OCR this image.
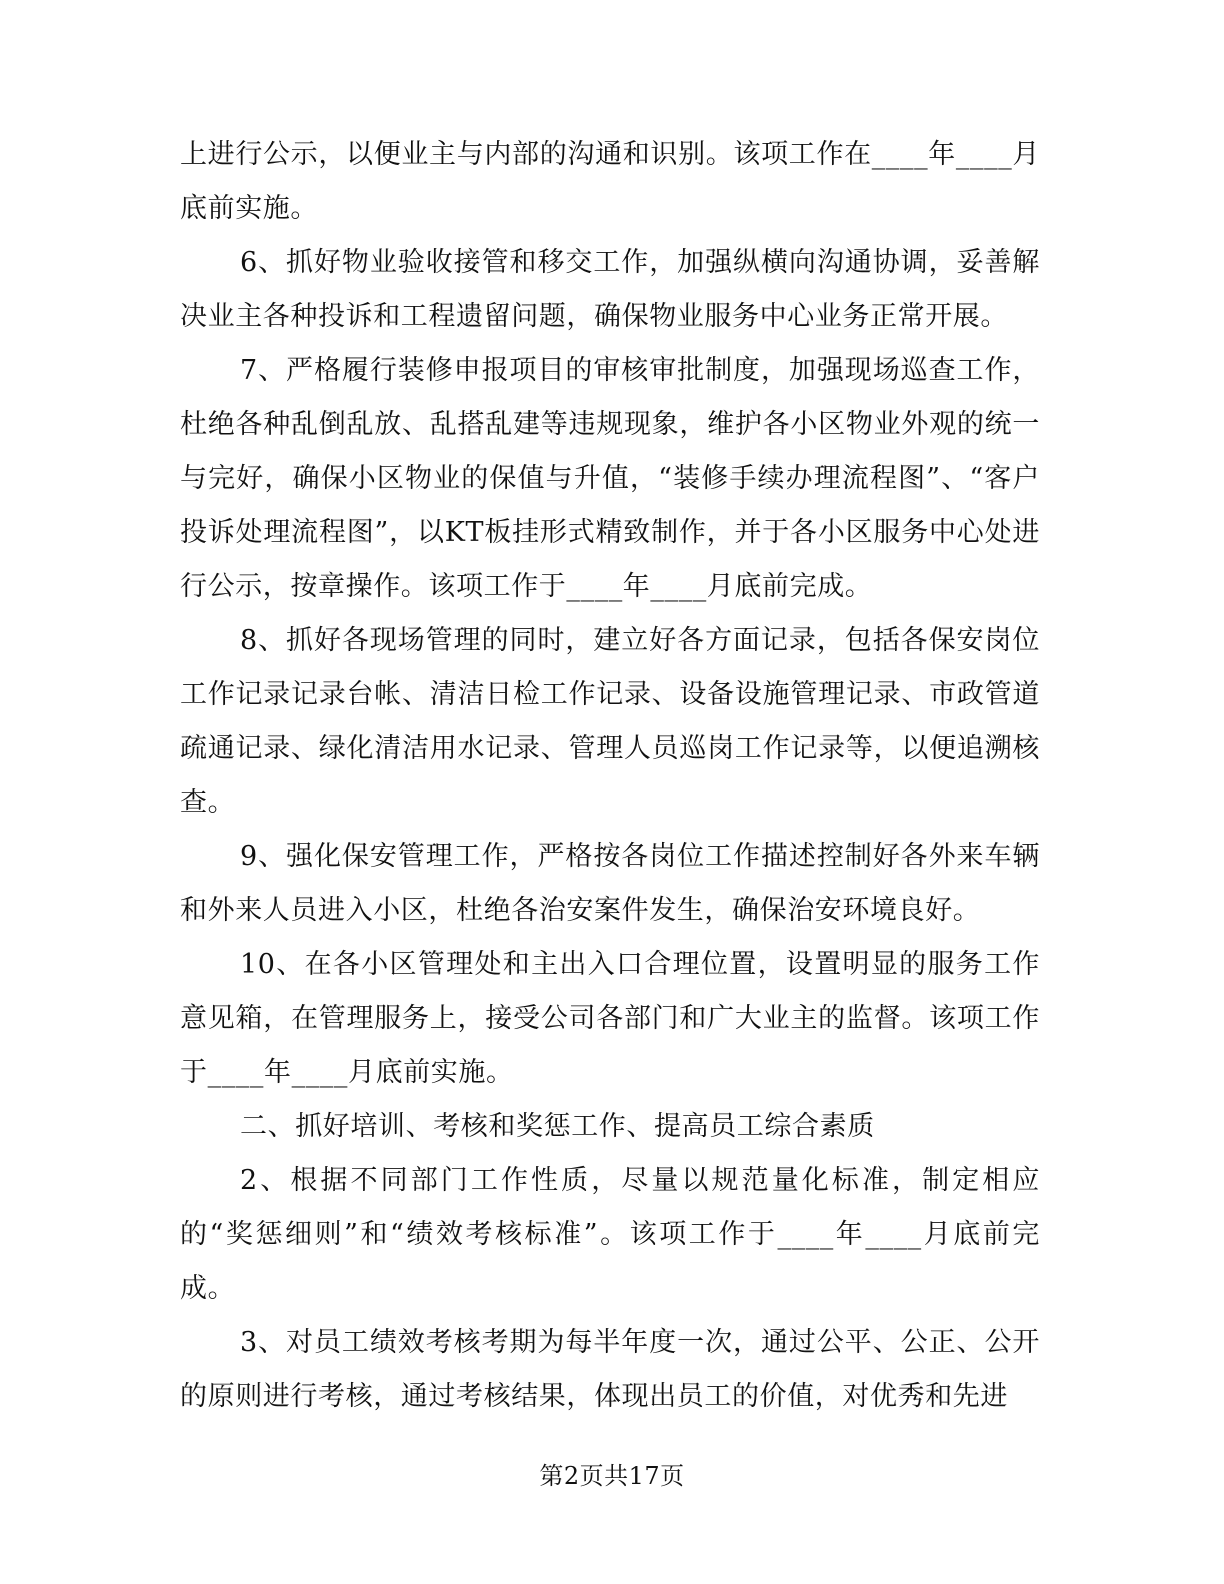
上进行公示，以便业主与内部的沟通和识别。该项工作在____年____月底前实施。

6、抓好物业验收接管和移交工作，加强纵横向沟通协调，妥善解决业主各种投诉和工程遗留问题，确保物业服务中心业务正常开展。

7、严格履行装修申报项目的审核审批制度，加强现场巡查工作，杜绝各种乱倒乱放、乱搭乱建等违规现象，维护各小区物业外观的统一与完好，确保小区物业的保值与升值，“装修手续办理流程图”、“客户投诉处理流程图”，以KT板挂形式精致制作，并于各小区服务中心处进行公示，按章操作。该项工作于____年____月底前完成。

8、抓好各现场管理的同时，建立好各方面记录，包括各保安岗位工作记录记录台帐、清洁日检工作记录、设备设施管理记录、市政管道疏通记录、绿化清洁用水记录、管理人员巡岗工作记录等，以便追溯核查。

9、强化保安管理工作，严格按各岗位工作描述控制好各外来车辆和外来人员进入小区，杜绝各治安案件发生，确保治安环境良好。

10、在各小区管理处和主出入口合理位置，设置明显的服务工作意见箱，在管理服务上，接受公司各部门和广大业主的监督。该项工作于____年____月底前实施。

二、抓好培训、考核和奖惩工作、提高员工综合素质

2、根据不同部门工作性质，尽量以规范量化标准，制定相应的“奖惩细则”和“绩效考核标准”。该项工作于____年____月底前完成。

3、对员工绩效考核考期为每半年度一次，通过公平、公正、公开的原则进行考核，通过考核结果，体现出员工的价值，对优秀和先进

第2页共17页
